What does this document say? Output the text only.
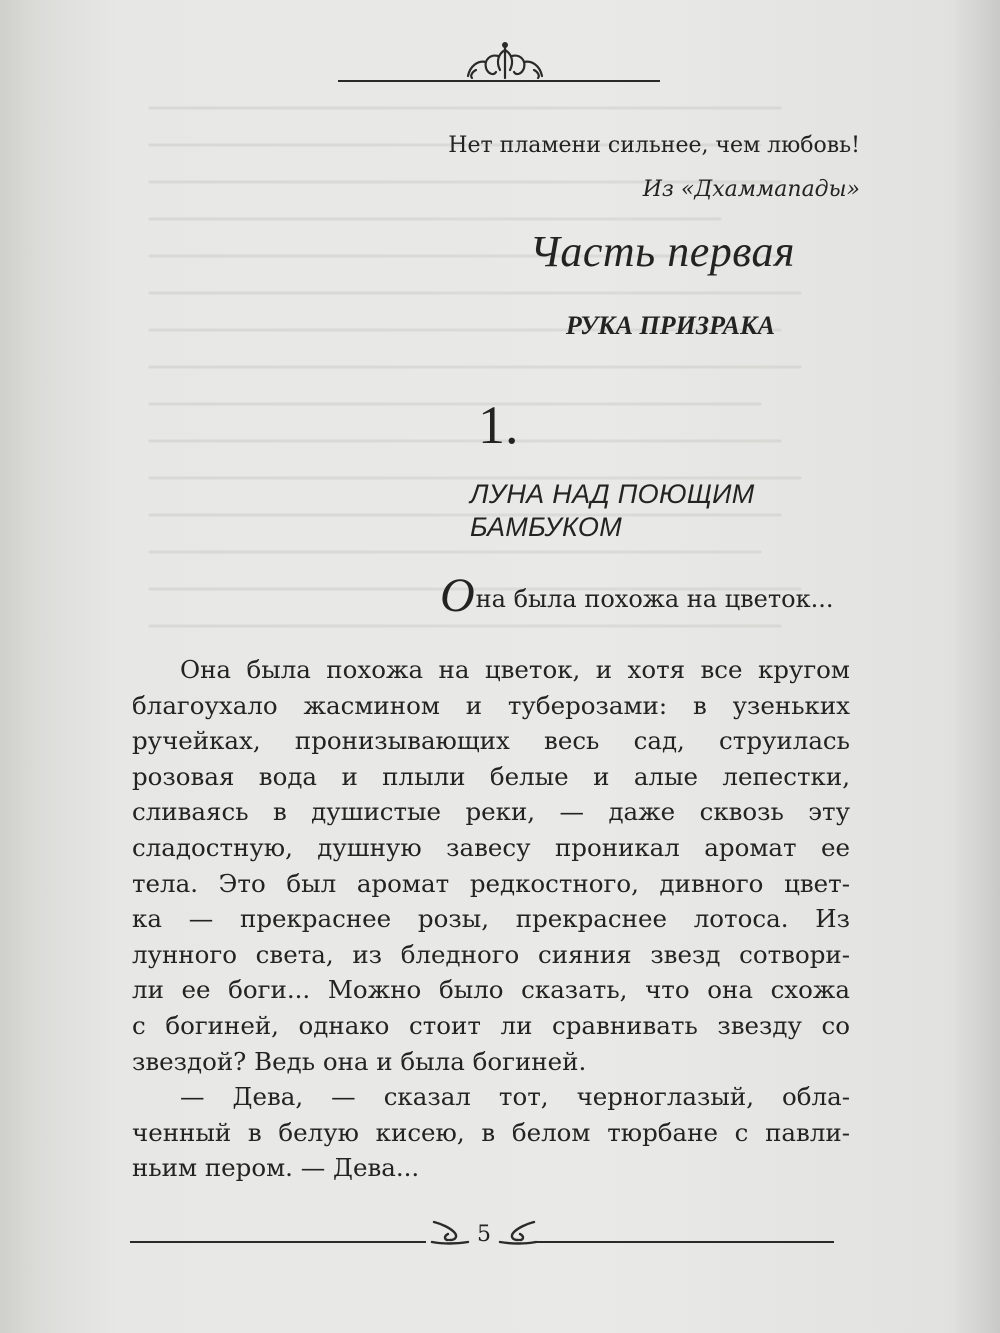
Нет пламени сильнее, чем любовь!
Из «Дхаммапады»
Часть первая
РУКА ПРИЗРАКА
1.
ЛУНА НАД ПОЮЩИМ
БАМБУКОМ
Она была похожа на цветок...
Она была похожа на цветок, и хотя все кругом
благоухало жасмином и туберозами: в узеньких
ручейках, пронизывающих весь сад, струилась
розовая вода и плыли белые и алые лепестки,
сливаясь в душистые реки, — даже сквозь эту
сладостную, душную завесу проникал аромат ее
тела. Это был аромат редкостного, дивного цвет-
ка — прекраснее розы, прекраснее лотоса. Из
лунного света, из бледного сияния звезд сотвори-
ли ее боги... Можно было сказать, что она схожа
с богиней, однако стоит ли сравнивать звезду со
звездой? Ведь она и была богиней.
— Дева, — сказал тот, черноглазый, обла-
ченный в белую кисею, в белом тюрбане с павли-
ньим пером. — Дева...
5
